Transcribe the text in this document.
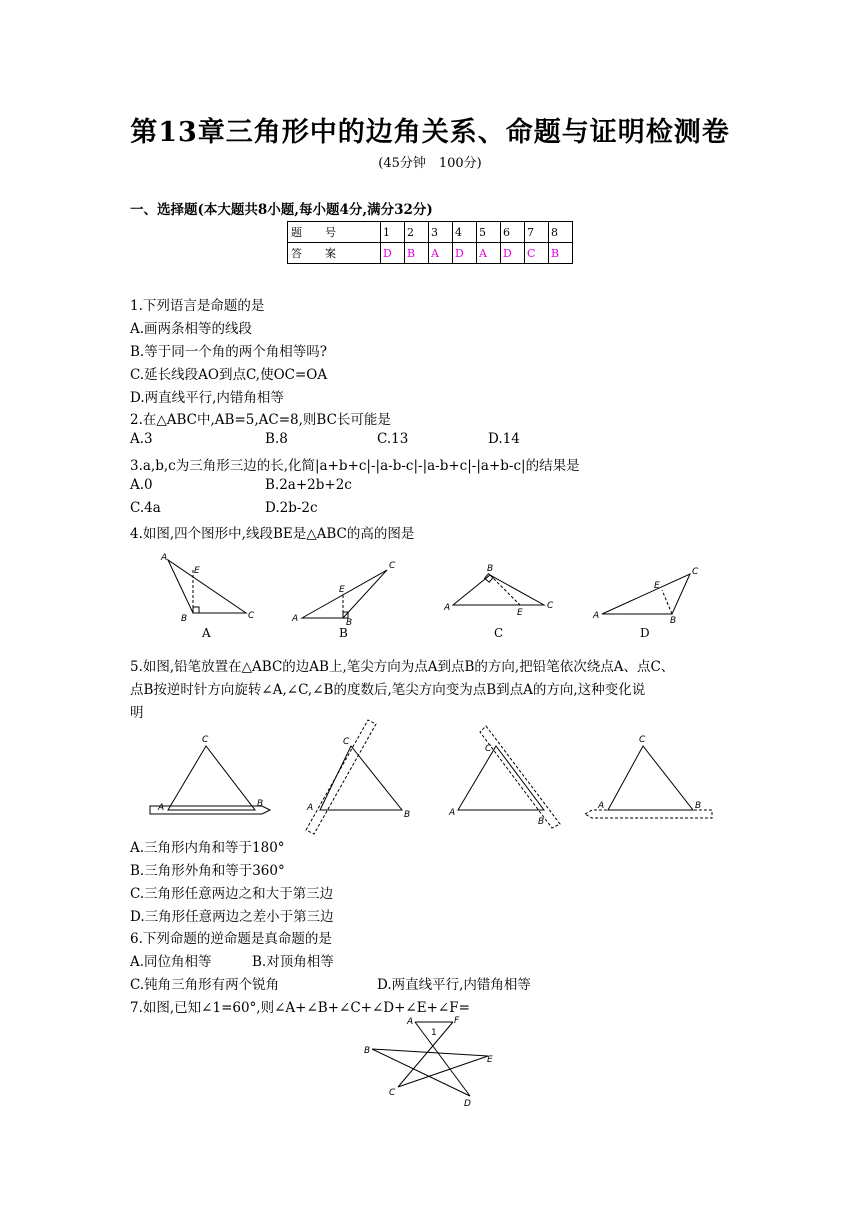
第13章三角形中的边角关系、命题与证明检测卷
(45分钟　100分)
一、选择题(本大题共8小题,每小题4分,满分32分)
题　号	1	2	3	4	5	6	7	8
答　案	D	B	A	D	A	D	C	B
1.下列语言是命题的是
A.画两条相等的线段
B.等于同一个角的两个角相等吗?
C.延长线段AO到点C,使OC=OA
D.两直线平行,内错角相等
2.在△ABC中,AB=5,AC=8,则BC长可能是
A.3	B.8	C.13	D.14
3.a,b,c为三角形三边的长,化简|a+b+c|-|a-b-c|-|a-b+c|-|a+b-c|的结果是
A.0	B.2a+2b+2c
C.4a	D.2b-2c
4.如图,四个图形中,线段BE是△ABC的高的图是
A
E
B	C
A
A
E
B
C
B
A
B
E
C
C
A
E
B
C
D
5.如图,铅笔放置在△ABC的边AB上,笔尖方向为点A到点B的方向,把铅笔依次绕点A、点C、
点B按逆时针方向旋转∠A,∠C,∠B的度数后,笔尖方向变为点B到点A的方向,这种变化说
明
A
C
B	A
C
B	A
C
B
A
C
B
A.三角形内角和等于180°
B.三角形外角和等于360°
C.三角形任意两边之和大于第三边
D.三角形任意两边之差小于第三边
6.下列命题的逆命题是真命题的是
A.同位角相等	B.对顶角相等
C.钝角三角形有两个锐角	D.两直线平行,内错角相等
7.如图,已知∠1=60°,则∠A+∠B+∠C+∠D+∠E+∠F=
A	F
1
B
E
C
D
